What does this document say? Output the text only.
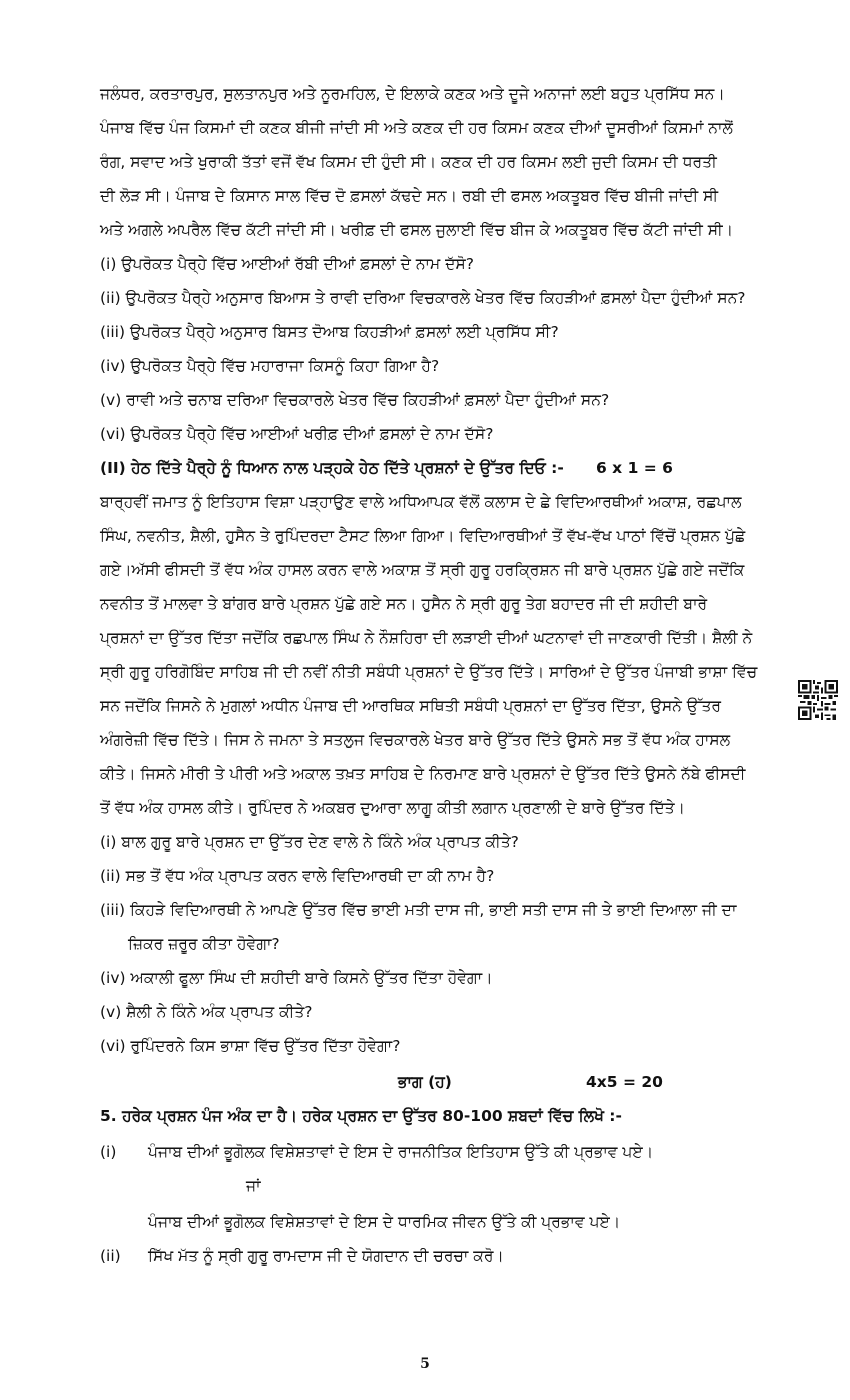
ਜਲੰਧਰ, ਕਰਤਾਰਪੁਰ, ਸੁਲਤਾਨਪੁਰ ਅਤੇ ਨੂਰਮਹਿਲ, ਦੇ ਇਲਾਕੇ ਕਣਕ ਅਤੇ ਦੂਜੇ ਅਨਾਜਾਂ ਲਈ ਬਹੁਤ ਪ੍ਰਸਿੱਧ ਸਨ।
ਪੰਜਾਬ ਵਿੱਚ ਪੰਜ ਕਿਸਮਾਂ ਦੀ ਕਣਕ ਬੀਜੀ ਜਾਂਦੀ ਸੀ ਅਤੇ ਕਣਕ ਦੀ ਹਰ ਕਿਸਮ ਕਣਕ ਦੀਆਂ ਦੂਸਰੀਆਂ ਕਿਸਮਾਂ ਨਾਲੋਂ
ਰੰਗ, ਸਵਾਦ ਅਤੇ ਖੁਰਾਕੀ ਤੱਤਾਂ ਵਜੋਂ ਵੱਖ ਕਿਸਮ ਦੀ ਹੁੰਦੀ ਸੀ। ਕਣਕ ਦੀ ਹਰ ਕਿਸਮ ਲਈ ਜੁਦੀ ਕਿਸਮ ਦੀ ਧਰਤੀ
ਦੀ ਲੋੜ ਸੀ। ਪੰਜਾਬ ਦੇ ਕਿਸਾਨ ਸਾਲ ਵਿੱਚ ਦੋ ਫ਼ਸਲਾਂ ਕੱਢਦੇ ਸਨ। ਰਬੀ ਦੀ ਫਸਲ ਅਕਤੂਬਰ ਵਿੱਚ ਬੀਜੀ ਜਾਂਦੀ ਸੀ
ਅਤੇ ਅਗਲੇ ਅਪਰੈਲ ਵਿੱਚ ਕੱਟੀ ਜਾਂਦੀ ਸੀ। ਖਰੀਫ਼ ਦੀ ਫਸਲ ਜੁਲਾਈ ਵਿੱਚ ਬੀਜ ਕੇ ਅਕਤੂਬਰ ਵਿੱਚ ਕੱਟੀ ਜਾਂਦੀ ਸੀ।
(i) ਉਪਰੋਕਤ ਪੈਰ੍ਹੇ ਵਿੱਚ ਆਈਆਂ ਰੱਬੀ ਦੀਆਂ ਫ਼ਸਲਾਂ ਦੇ ਨਾਮ ਦੱਸੋ?
(ii) ਉਪਰੋਕਤ ਪੈਰ੍ਹੇ ਅਨੁਸਾਰ ਬਿਆਸ ਤੇ ਰਾਵੀ ਦਰਿਆ ਵਿਚਕਾਰਲੇ ਖੇਤਰ ਵਿੱਚ ਕਿਹੜੀਆਂ ਫ਼ਸਲਾਂ ਪੈਦਾ ਹੁੰਦੀਆਂ ਸਨ?
(iii) ਉਪਰੋਕਤ ਪੈਰ੍ਹੇ ਅਨੁਸਾਰ ਬਿਸਤ ਦੋਆਬ ਕਿਹੜੀਆਂ ਫ਼ਸਲਾਂ ਲਈ ਪ੍ਰਸਿੱਧ ਸੀ?
(iv) ਉਪਰੋਕਤ ਪੈਰ੍ਹੇ ਵਿੱਚ ਮਹਾਰਾਜਾ ਕਿਸਨੂੰ ਕਿਹਾ ਗਿਆ ਹੈ?
(v) ਰਾਵੀ ਅਤੇ ਚਨਾਬ ਦਰਿਆ ਵਿਚਕਾਰਲੇ ਖੇਤਰ ਵਿੱਚ ਕਿਹੜੀਆਂ ਫ਼ਸਲਾਂ ਪੈਦਾ ਹੁੰਦੀਆਂ ਸਨ?
(vi) ਉਪਰੋਕਤ ਪੈਰ੍ਹੇ ਵਿੱਚ ਆਈਆਂ ਖਰੀਫ਼ ਦੀਆਂ ਫ਼ਸਲਾਂ ਦੇ ਨਾਮ ਦੱਸੋ?
(II) ਹੇਠ ਦਿੱਤੇ ਪੈਰ੍ਹੇ ਨੂੰ ਧਿਆਨ ਨਾਲ ਪੜ੍ਹਕੇ ਹੇਠ ਦਿੱਤੇ ਪ੍ਰਸ਼ਨਾਂ ਦੇ ਉੱਤਰ ਦਿਓ :- 6 x 1 = 6
ਬਾਰ੍ਹਵੀਂ ਜਮਾਤ ਨੂੰ ਇਤਿਹਾਸ ਵਿਸ਼ਾ ਪੜ੍ਹਾਉਣ ਵਾਲੇ ਅਧਿਆਪਕ ਵੱਲੋਂ ਕਲਾਸ ਦੇ ਛੇ ਵਿਦਿਆਰਥੀਆਂ ਅਕਾਸ਼, ਰਛਪਾਲ
ਸਿੰਘ, ਨਵਨੀਤ, ਸ਼ੈਲੀ, ਹੁਸੈਨ ਤੇ ਰੁਪਿੰਦਰਦਾ ਟੈਸਟ ਲਿਆ ਗਿਆ। ਵਿਦਿਆਰਥੀਆਂ ਤੋਂ ਵੱਖ-ਵੱਖ ਪਾਠਾਂ ਵਿੱਚੋਂ ਪ੍ਰਸ਼ਨ ਪੁੱਛੇ
ਗਏ।ਅੱਸੀ ਫੀਸਦੀ ਤੋਂ ਵੱਧ ਅੰਕ ਹਾਸਲ ਕਰਨ ਵਾਲੇ ਅਕਾਸ਼ ਤੋਂ ਸ੍ਰੀ ਗੁਰੂ ਹਰਕ੍ਰਿਸ਼ਨ ਜੀ ਬਾਰੇ ਪ੍ਰਸ਼ਨ ਪੁੱਛੇ ਗਏ ਜਦੋਂਕਿ
ਨਵਨੀਤ ਤੋਂ ਮਾਲਵਾ ਤੇ ਬਾਂਗਰ ਬਾਰੇ ਪ੍ਰਸ਼ਨ ਪੁੱਛੇ ਗਏ ਸਨ। ਹੁਸੈਨ ਨੇ ਸ੍ਰੀ ਗੁਰੂ ਤੇਗ ਬਹਾਦਰ ਜੀ ਦੀ ਸ਼ਹੀਦੀ ਬਾਰੇ
ਪ੍ਰਸ਼ਨਾਂ ਦਾ ਉੱਤਰ ਦਿੱਤਾ ਜਦੋਂਕਿ ਰਛਪਾਲ ਸਿੰਘ ਨੇ ਨੌਸ਼ਹਿਰਾ ਦੀ ਲੜਾਈ ਦੀਆਂ ਘਟਨਾਵਾਂ ਦੀ ਜਾਣਕਾਰੀ ਦਿੱਤੀ। ਸ਼ੈਲੀ ਨੇ
ਸ੍ਰੀ ਗੁਰੂ ਹਰਿਗੋਬਿੰਦ ਸਾਹਿਬ ਜੀ ਦੀ ਨਵੀਂ ਨੀਤੀ ਸਬੰਧੀ ਪ੍ਰਸ਼ਨਾਂ ਦੇ ਉੱਤਰ ਦਿੱਤੇ। ਸਾਰਿਆਂ ਦੇ ਉੱਤਰ ਪੰਜਾਬੀ ਭਾਸ਼ਾ ਵਿੱਚ
ਸਨ ਜਦੋਂਕਿ ਜਿਸਨੇ ਨੇ ਮੁਗਲਾਂ ਅਧੀਨ ਪੰਜਾਬ ਦੀ ਆਰਥਿਕ ਸਥਿਤੀ ਸਬੰਧੀ ਪ੍ਰਸ਼ਨਾਂ ਦਾ ਉੱਤਰ ਦਿੱਤਾ, ਉਸਨੇ ਉੱਤਰ
ਅੰਗਰੇਜ਼ੀ ਵਿੱਚ ਦਿੱਤੇ। ਜਿਸ ਨੇ ਜਮਨਾ ਤੇ ਸਤਲੁਜ ਵਿਚਕਾਰਲੇ ਖੇਤਰ ਬਾਰੇ ਉੱਤਰ ਦਿੱਤੇ ਉਸਨੇ ਸਭ ਤੋਂ ਵੱਧ ਅੰਕ ਹਾਸਲ
ਕੀਤੇ। ਜਿਸਨੇ ਮੀਰੀ ਤੇ ਪੀਰੀ ਅਤੇ ਅਕਾਲ ਤਖ਼ਤ ਸਾਹਿਬ ਦੇ ਨਿਰਮਾਣ ਬਾਰੇ ਪ੍ਰਸ਼ਨਾਂ ਦੇ ਉੱਤਰ ਦਿੱਤੇ ਉਸਨੇ ਨੱਬੇ ਫੀਸਦੀ
ਤੋਂ ਵੱਧ ਅੰਕ ਹਾਸਲ ਕੀਤੇ। ਰੁਪਿੰਦਰ ਨੇ ਅਕਬਰ ਦੁਆਰਾ ਲਾਗੂ ਕੀਤੀ ਲਗਾਨ ਪ੍ਰਣਾਲੀ ਦੇ ਬਾਰੇ ਉੱਤਰ ਦਿੱਤੇ।
(i) ਬਾਲ ਗੁਰੂ ਬਾਰੇ ਪ੍ਰਸ਼ਨ ਦਾ ਉੱਤਰ ਦੇਣ ਵਾਲੇ ਨੇ ਕਿੰਨੇ ਅੰਕ ਪ੍ਰਾਪਤ ਕੀਤੇ?
(ii) ਸਭ ਤੋਂ ਵੱਧ ਅੰਕ ਪ੍ਰਾਪਤ ਕਰਨ ਵਾਲੇ ਵਿਦਿਆਰਥੀ ਦਾ ਕੀ ਨਾਮ ਹੈ?
(iii) ਕਿਹੜੇ ਵਿਦਿਆਰਥੀ ਨੇ ਆਪਣੇ ਉੱਤਰ ਵਿੱਚ ਭਾਈ ਮਤੀ ਦਾਸ ਜੀ, ਭਾਈ ਸਤੀ ਦਾਸ ਜੀ ਤੇ ਭਾਈ ਦਿਆਲਾ ਜੀ ਦਾ
ਜ਼ਿਕਰ ਜ਼ਰੂਰ ਕੀਤਾ ਹੋਵੇਗਾ?
(iv) ਅਕਾਲੀ ਫੂਲਾ ਸਿੰਘ ਦੀ ਸ਼ਹੀਦੀ ਬਾਰੇ ਕਿਸਨੇ ਉੱਤਰ ਦਿੱਤਾ ਹੋਵੇਗਾ।
(v) ਸ਼ੈਲੀ ਨੇ ਕਿੰਨੇ ਅੰਕ ਪ੍ਰਾਪਤ ਕੀਤੇ?
(vi) ਰੁਪਿੰਦਰਨੇ ਕਿਸ ਭਾਸ਼ਾ ਵਿੱਚ ਉੱਤਰ ਦਿੱਤਾ ਹੋਵੇਗਾ?
ਭਾਗ (ਹ)	4x5 = 20
5. ਹਰੇਕ ਪ੍ਰਸ਼ਨ ਪੰਜ ਅੰਕ ਦਾ ਹੈ। ਹਰੇਕ ਪ੍ਰਸ਼ਨ ਦਾ ਉੱਤਰ 80-100 ਸ਼ਬਦਾਂ ਵਿੱਚ ਲਿਖੋ :-
(i) ਪੰਜਾਬ ਦੀਆਂ ਭੂਗੋਲਕ ਵਿਸ਼ੇਸ਼ਤਾਵਾਂ ਦੇ ਇਸ ਦੇ ਰਾਜਨੀਤਿਕ ਇਤਿਹਾਸ ਉੱਤੇ ਕੀ ਪ੍ਰਭਾਵ ਪਏ।
ਜਾਂ
ਪੰਜਾਬ ਦੀਆਂ ਭੂਗੋਲਕ ਵਿਸ਼ੇਸ਼ਤਾਵਾਂ ਦੇ ਇਸ ਦੇ ਧਾਰਮਿਕ ਜੀਵਨ ਉੱਤੇ ਕੀ ਪ੍ਰਭਾਵ ਪਏ।
(ii) ਸਿੱਖ ਮੱਤ ਨੂੰ ਸ੍ਰੀ ਗੁਰੂ ਰਾਮਦਾਸ ਜੀ ਦੇ ਯੋਗਦਾਨ ਦੀ ਚਰਚਾ ਕਰੋ।
5
